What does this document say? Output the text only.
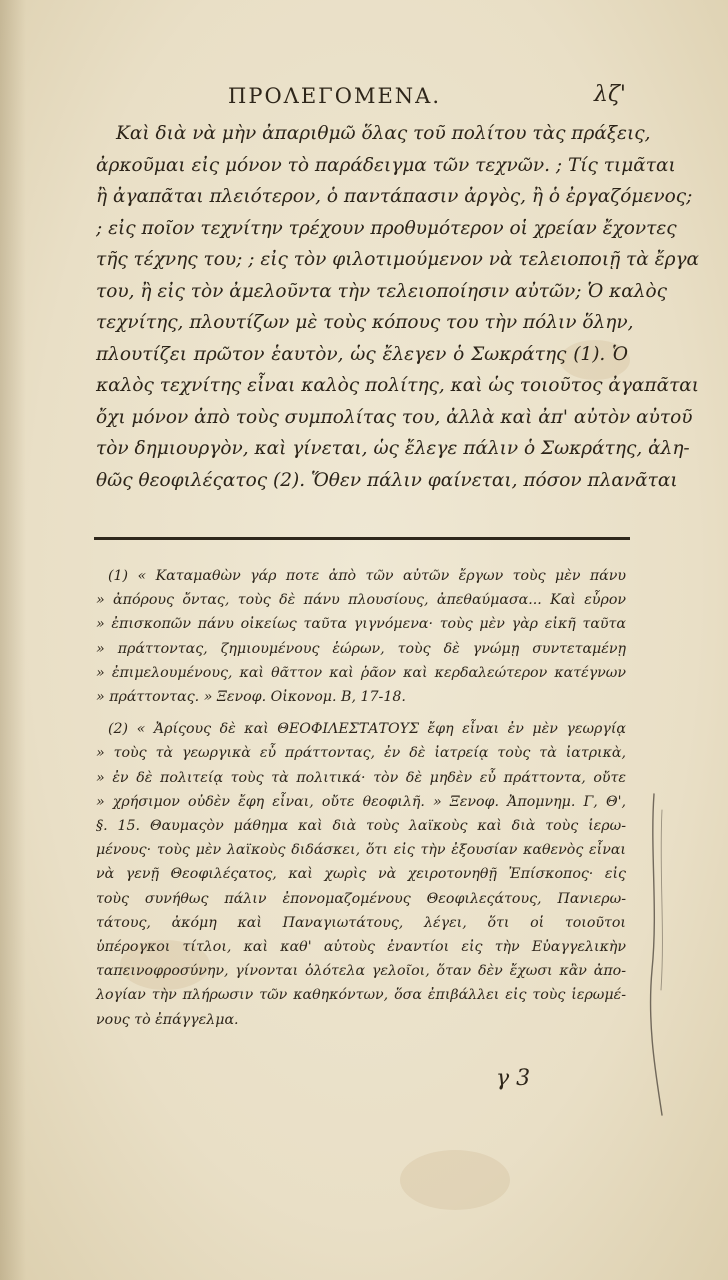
ΠΡΟΛΕΓΟΜΕΝΑ.	λζ'
Καὶ διὰ νὰ μὴν ἀπαριθμῶ ὅλας τοῦ πολίτου τὰς πράξεις,
ἀρκοῦμαι εἰς μόνον τὸ παράδειγμα τῶν τεχνῶν. ; Τίς τιμᾶται
ἢ ἀγαπᾶται πλειότερον, ὁ παντάπασιν ἀργὸς, ἢ ὁ ἐργαζόμενος;
; εἰς ποῖον τεχνίτην τρέχουν προθυμότερον οἱ χρείαν ἔχοντες
τῆς τέχνης του; ; εἰς τὸν φιλοτιμούμενον νὰ τελειοποιῇ τὰ ἔργα
του, ἢ εἰς τὸν ἀμελοῦντα τὴν τελειοποίησιν αὐτῶν; Ὁ καλὸς
τεχνίτης, πλουτίζων μὲ τοὺς κόπους του τὴν πόλιν ὅλην,
πλουτίζει πρῶτον ἑαυτὸν, ὡς ἔλεγεν ὁ Σωκράτης (1). Ὁ
καλὸς τεχνίτης εἶναι καλὸς πολίτης, καὶ ὡς τοιοῦτος ἀγαπᾶται
ὄχι μόνον ἀπὸ τοὺς συμπολίτας του, ἀλλὰ καὶ ἀπ' αὐτὸν αὐτοῦ
τὸν δημιουργὸν, καὶ γίνεται, ὡς ἔλεγε πάλιν ὁ Σωκράτης, ἀλη-
θῶς θεοφιλέςατος (2). Ὅθεν πάλιν φαίνεται, πόσον πλανᾶται
(1) « Καταμαθὼν γάρ ποτε ἀπὸ τῶν αὐτῶν ἔργων τοὺς μὲν πάνυ
» ἀπόρους ὄντας, τοὺς δὲ πάνυ πλουσίους, ἀπεθαύμασα... Καὶ εὗρον
» ἐπισκοπῶν πάνυ οἰκείως ταῦτα γιγνόμενα· τοὺς μὲν γὰρ εἰκῆ ταῦτα
» πράττοντας, ζημιουμένους ἑώρων, τοὺς δὲ γνώμῃ συντεταμένῃ
» ἐπιμελουμένους, καὶ θᾶττον καὶ ῥᾶον καὶ κερδαλεώτερον κατέγνων
» πράττοντας. » Ξενοφ. Οἰκονομ. Β, 17-18.
(2) « Ἀρίςους δὲ καὶ ΘΕΟΦΙΛΕΣΤΑΤΟΥΣ ἔφη εἶναι ἐν μὲν γεωργίᾳ
» τοὺς τὰ γεωργικὰ εὖ πράττοντας, ἐν δὲ ἰατρείᾳ τοὺς τὰ ἰατρικὰ,
» ἐν δὲ πολιτείᾳ τοὺς τὰ πολιτικά· τὸν δὲ μηδὲν εὖ πράττοντα, οὔτε
» χρήσιμον οὐδὲν ἔφη εἶναι, οὔτε θεοφιλῆ. » Ξενοφ. Ἀπομνημ. Γ, Θ',
§. 15. Θαυμαςὸν μάθημα καὶ διὰ τοὺς λαϊκοὺς καὶ διὰ τοὺς ἱερω-
μένους· τοὺς μὲν λαϊκοὺς διδάσκει, ὅτι εἰς τὴν ἐξουσίαν καθενὸς εἶναι
νὰ γενῇ Θεοφιλέςατος, καὶ χωρὶς νὰ χειροτονηθῇ Ἐπίσκοπος· εἰς
τοὺς συνήθως πάλιν ἐπονομαζομένους Θεοφιλεςάτους, Πανιερω-
τάτους, ἀκόμη καὶ Παναγιωτάτους, λέγει, ὅτι οἱ τοιοῦτοι
ὑπέρογκοι τίτλοι, καὶ καθ' αὑτοὺς ἐναντίοι εἰς τὴν Εὐαγγελικὴν
ταπεινοφροσύνην, γίνονται ὁλότελα γελοῖοι, ὅταν δὲν ἔχωσι κἂν ἀπο-
λογίαν τὴν πλήρωσιν τῶν καθηκόντων, ὅσα ἐπιβάλλει εἰς τοὺς ἱερωμέ-
νους τὸ ἐπάγγελμα.
γ 3
